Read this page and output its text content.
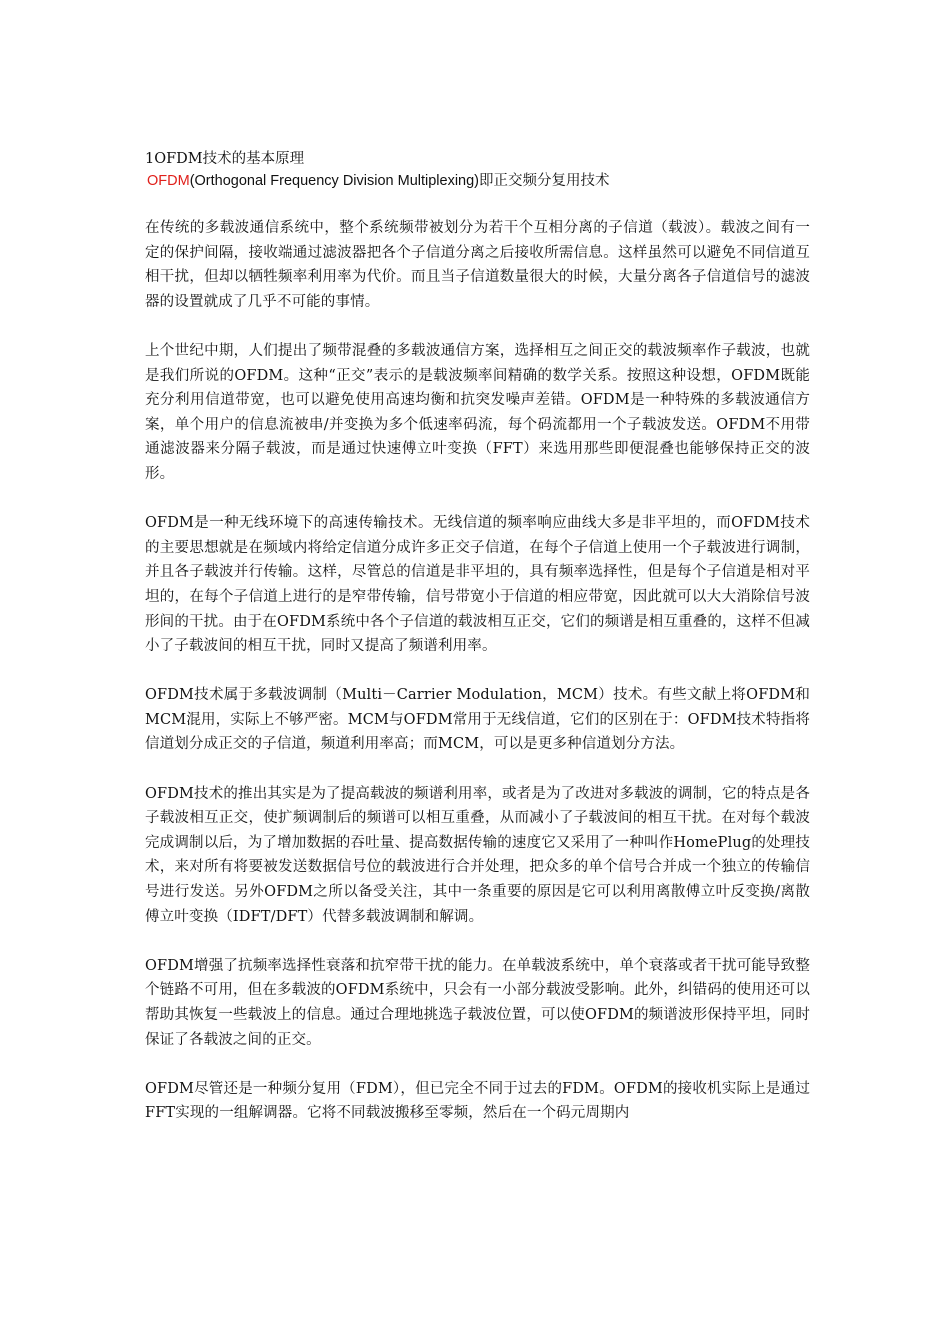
1OFDM技术的基本原理

OFDM(Orthogonal Frequency Division Multiplexing)即正交频分复用技术

在传统的多载波通信系统中，整个系统频带被划分为若干个互相分离的子信道（载波）。载波之间有一定的保护间隔，接收端通过滤波器把各个子信道分离之后接收所需信息。这样虽然可以避免不同信道互相干扰，但却以牺牲频率利用率为代价。而且当子信道数量很大的时候，大量分离各子信道信号的滤波器的设置就成了几乎不可能的事情。

上个世纪中期，人们提出了频带混叠的多载波通信方案，选择相互之间正交的载波频率作子载波，也就是我们所说的OFDM。这种“正交”表示的是载波频率间精确的数学关系。按照这种设想，OFDM既能充分利用信道带宽，也可以避免使用高速均衡和抗突发噪声差错。OFDM是一种特殊的多载波通信方案，单个用户的信息流被串/并变换为多个低速率码流，每个码流都用一个子载波发送。OFDM不用带通滤波器来分隔子载波，而是通过快速傅立叶变换（FFT）来选用那些即便混叠也能够保持正交的波形。

OFDM是一种无线环境下的高速传输技术。无线信道的频率响应曲线大多是非平坦的，而OFDM技术的主要思想就是在频域内将给定信道分成许多正交子信道，在每个子信道上使用一个子载波进行调制，并且各子载波并行传输。这样，尽管总的信道是非平坦的，具有频率选择性，但是每个子信道是相对平坦的，在每个子信道上进行的是窄带传输，信号带宽小于信道的相应带宽，因此就可以大大消除信号波形间的干扰。由于在OFDM系统中各个子信道的载波相互正交，它们的频谱是相互重叠的，这样不但减小了子载波间的相互干扰，同时又提高了频谱利用率。

OFDM技术属于多载波调制（Multi－Carrier Modulation，MCM）技术。有些文献上将OFDM和MCM混用，实际上不够严密。MCM与OFDM常用于无线信道，它们的区别在于：OFDM技术特指将信道划分成正交的子信道，频道利用率高；而MCM，可以是更多种信道划分方法。

OFDM技术的推出其实是为了提高载波的频谱利用率，或者是为了改进对多载波的调制，它的特点是各子载波相互正交，使扩频调制后的频谱可以相互重叠，从而减小了子载波间的相互干扰。在对每个载波完成调制以后，为了增加数据的吞吐量、提高数据传输的速度它又采用了一种叫作HomePlug的处理技术，来对所有将要被发送数据信号位的载波进行合并处理，把众多的单个信号合并成一个独立的传输信号进行发送。另外OFDM之所以备受关注，其中一条重要的原因是它可以利用离散傅立叶反变换/离散傅立叶变换（IDFT/DFT）代替多载波调制和解调。

OFDM增强了抗频率选择性衰落和抗窄带干扰的能力。在单载波系统中，单个衰落或者干扰可能导致整个链路不可用，但在多载波的OFDM系统中，只会有一小部分载波受影响。此外，纠错码的使用还可以帮助其恢复一些载波上的信息。通过合理地挑选子载波位置，可以使OFDM的频谱波形保持平坦，同时保证了各载波之间的正交。

OFDM尽管还是一种频分复用（FDM），但已完全不同于过去的FDM。OFDM的接收机实际上是通过FFT实现的一组解调器。它将不同载波搬移至零频，然后在一个码元周期内
